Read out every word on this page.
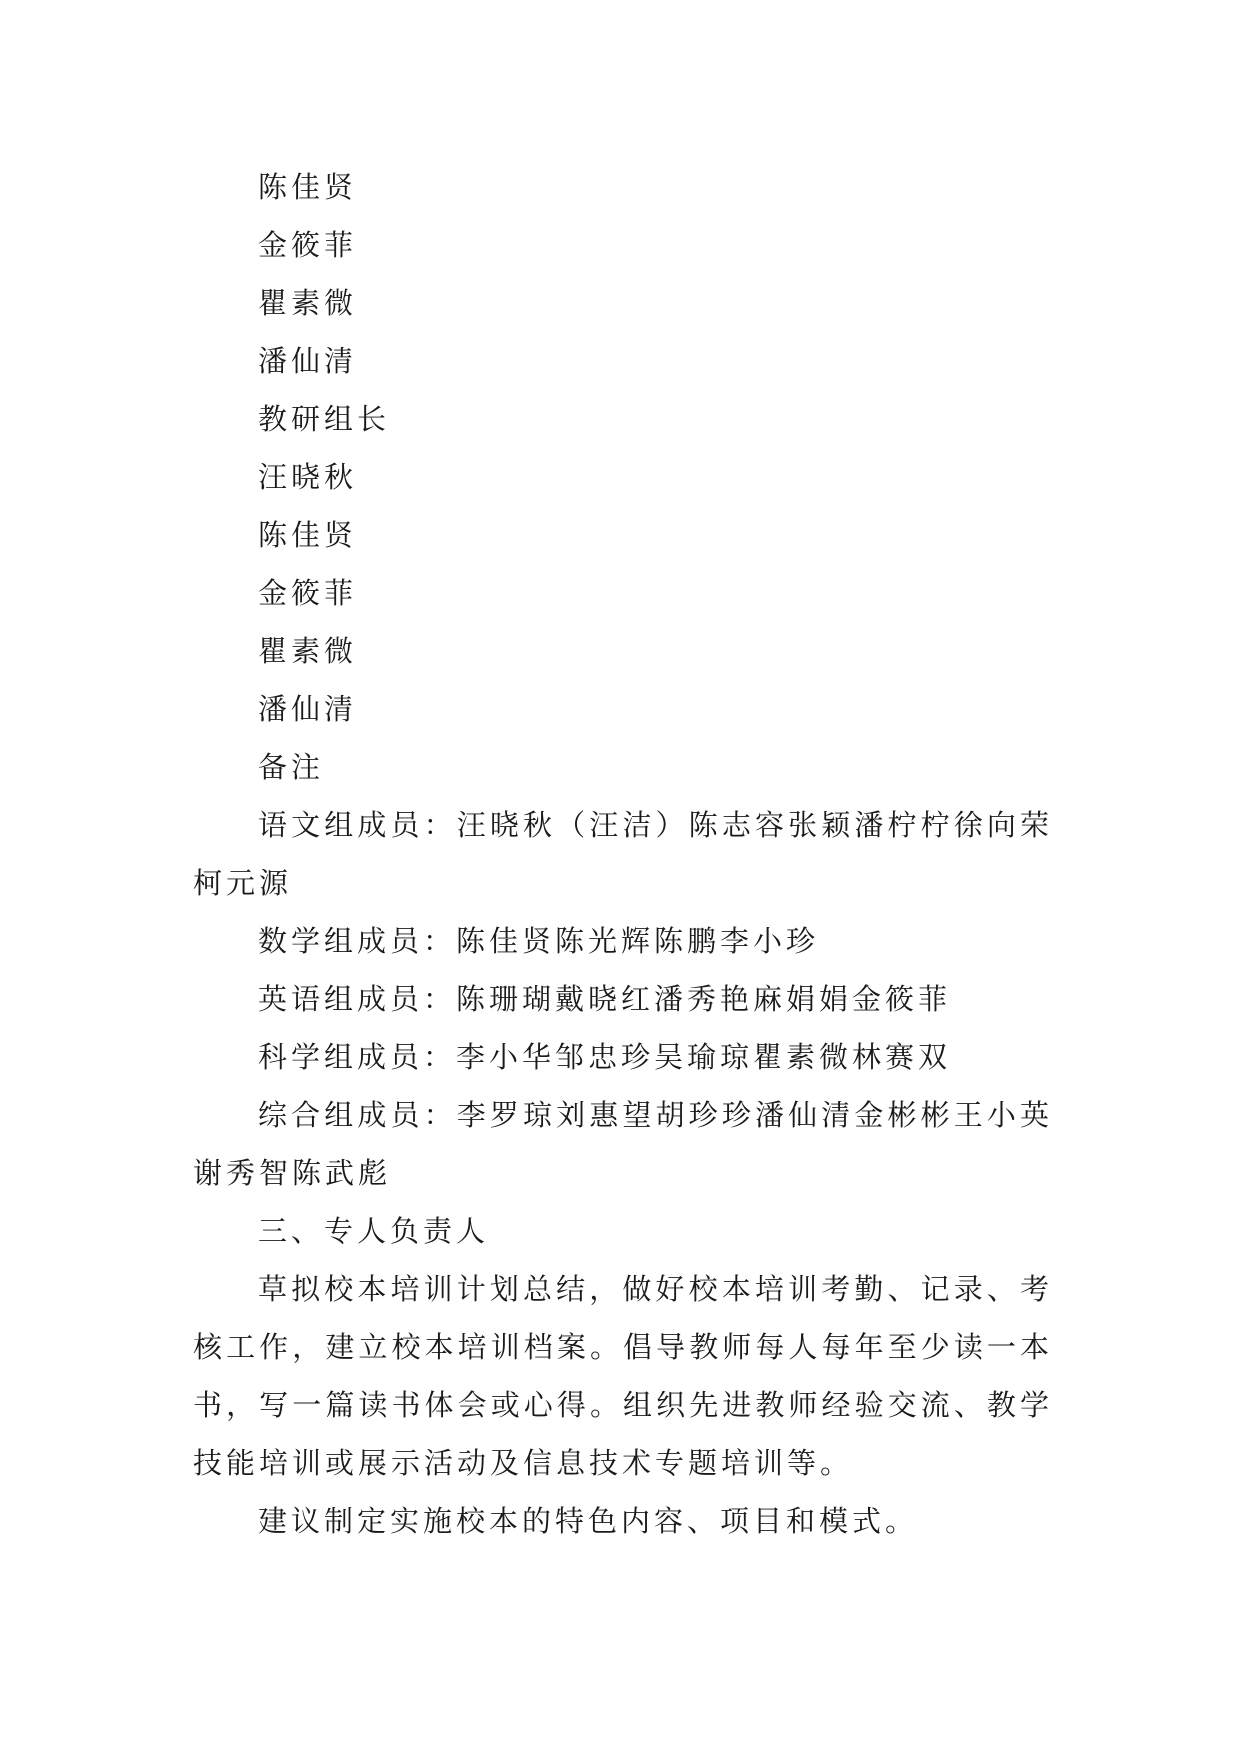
陈佳贤

金筱菲

瞿素微

潘仙清

教研组长

汪晓秋

陈佳贤

金筱菲

瞿素微

潘仙清

备注

语文组成员：汪晓秋（汪洁）陈志容张颖潘柠柠徐向荣柯元源

数学组成员：陈佳贤陈光辉陈鹏李小珍

英语组成员：陈珊瑚戴晓红潘秀艳麻娟娟金筱菲

科学组成员：李小华邹忠珍吴瑜琼瞿素微林赛双

综合组成员：李罗琼刘惠望胡珍珍潘仙清金彬彬王小英谢秀智陈武彪

三、专人负责人

草拟校本培训计划总结，做好校本培训考勤、记录、考核工作，建立校本培训档案。倡导教师每人每年至少读一本书，写一篇读书体会或心得。组织先进教师经验交流、教学技能培训或展示活动及信息技术专题培训等。

建议制定实施校本的特色内容、项目和模式。
